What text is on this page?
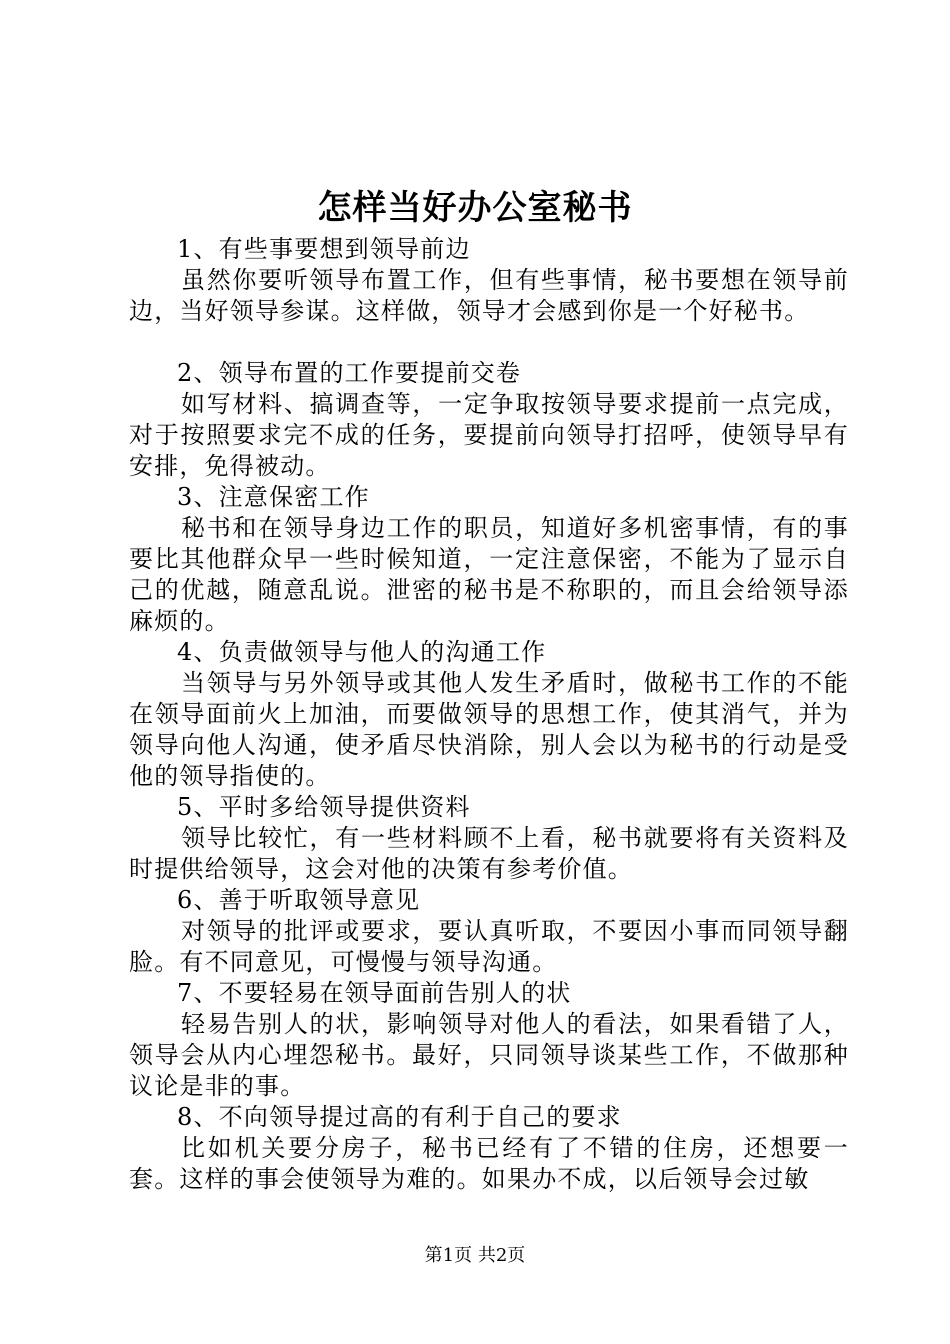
怎样当好办公室秘书

1、有些事要想到领导前边

虽然你要听领导布置工作，但有些事情，秘书要想在领导前边，当好领导参谋。这样做，领导才会感到你是一个好秘书。

2、领导布置的工作要提前交卷

如写材料、搞调查等，一定争取按领导要求提前一点完成，对于按照要求完不成的任务，要提前向领导打招呼，使领导早有安排，免得被动。

3、注意保密工作

秘书和在领导身边工作的职员，知道好多机密事情，有的事要比其他群众早一些时候知道，一定注意保密，不能为了显示自己的优越，随意乱说。泄密的秘书是不称职的，而且会给领导添麻烦的。

4、负责做领导与他人的沟通工作

当领导与另外领导或其他人发生矛盾时，做秘书工作的不能在领导面前火上加油，而要做领导的思想工作，使其消气，并为领导向他人沟通，使矛盾尽快消除，别人会以为秘书的行动是受他的领导指使的。

5、平时多给领导提供资料

领导比较忙，有一些材料顾不上看，秘书就要将有关资料及时提供给领导，这会对他的决策有参考价值。

6、善于听取领导意见

对领导的批评或要求，要认真听取，不要因小事而同领导翻脸。有不同意见，可慢慢与领导沟通。

7、不要轻易在领导面前告别人的状

轻易告别人的状，影响领导对他人的看法，如果看错了人，领导会从内心埋怨秘书。最好，只同领导谈某些工作，不做那种议论是非的事。

8、不向领导提过高的有利于自己的要求

比如机关要分房子，秘书已经有了不错的住房，还想要一套。这样的事会使领导为难的。如果办不成，以后领导会过敏

第1页 共2页
